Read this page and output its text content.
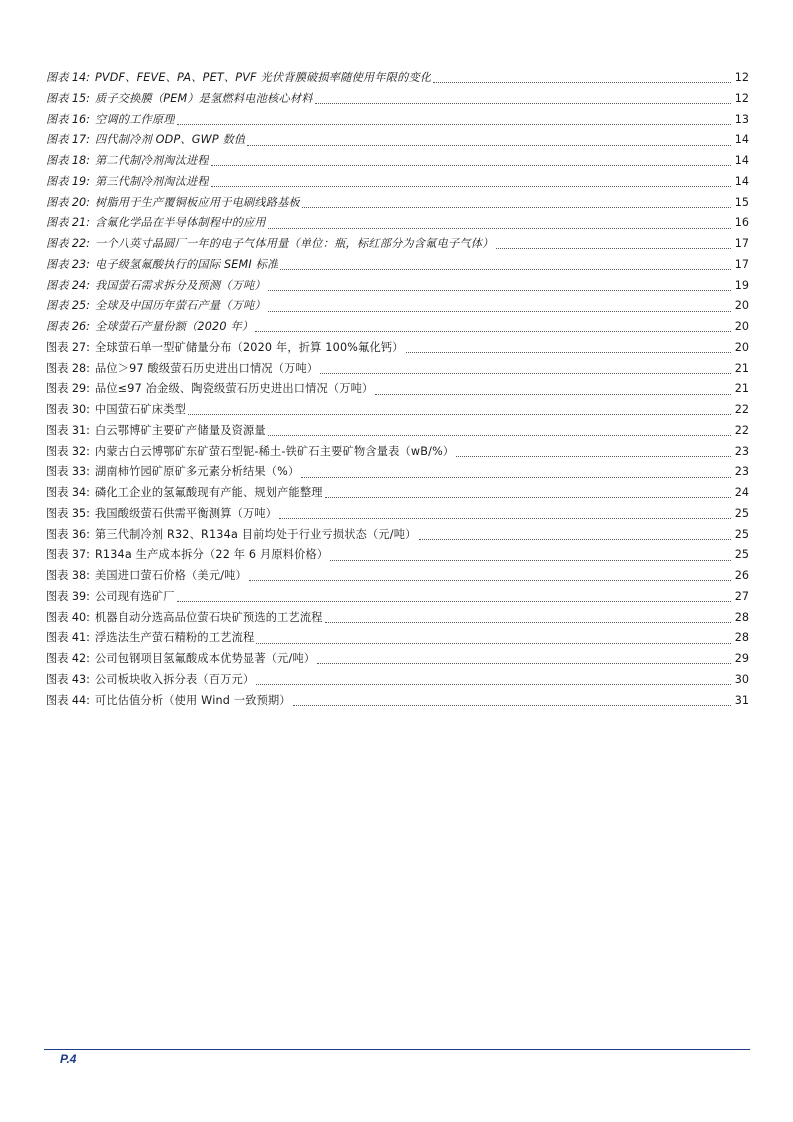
图表 14: PVDF、FEVE、PA、PET、PVF 光伏背膜破损率随使用年限的变化	12
图表 15: 质子交换膜（PEM）是氢燃料电池核心材料	12
图表 16: 空调的工作原理	13
图表 17: 四代制冷剂 ODP、GWP 数值	14
图表 18: 第二代制冷剂淘汰进程	14
图表 19: 第三代制冷剂淘汰进程	14
图表 20: 树脂用于生产覆铜板应用于电刷线路基板	15
图表 21: 含氟化学品在半导体制程中的应用	16
图表 22: 一个八英寸晶圆厂一年的电子气体用量（单位：瓶，标红部分为含氟电子气体）	17
图表 23: 电子级氢氟酸执行的国际 SEMI 标准	17
图表 24: 我国萤石需求拆分及预测（万吨）	19
图表 25: 全球及中国历年萤石产量（万吨）	20
图表 26: 全球萤石产量份额（2020 年）	20
图表 27: 全球萤石单一型矿储量分布（2020 年，折算 100%氟化钙）	20
图表 28: 品位＞97 酸级萤石历史进出口情况（万吨）	21
图表 29: 品位≤97 冶金级、陶瓷级萤石历史进出口情况（万吨）	21
图表 30: 中国萤石矿床类型	22
图表 31: 白云鄂博矿主要矿产储量及资源量	22
图表 32: 内蒙古白云博鄂矿东矿萤石型铌-稀土-铁矿石主要矿物含量表（wB/%）	23
图表 33: 湖南柿竹园矿原矿多元素分析结果（%）	23
图表 34: 磷化工企业的氢氟酸现有产能、规划产能整理	24
图表 35: 我国酸级萤石供需平衡测算（万吨）	25
图表 36: 第三代制冷剂 R32、R134a 目前均处于行业亏损状态（元/吨）	25
图表 37: R134a 生产成本拆分（22 年 6 月原料价格）	25
图表 38: 美国进口萤石价格（美元/吨）	26
图表 39: 公司现有选矿厂	27
图表 40: 机器自动分选高品位萤石块矿预选的工艺流程	28
图表 41: 浮选法生产萤石精粉的工艺流程	28
图表 42: 公司包钢项目氢氟酸成本优势显著（元/吨）	29
图表 43: 公司板块收入拆分表（百万元）	30
图表 44: 可比估值分析（使用 Wind 一致预期）	31
P.4
